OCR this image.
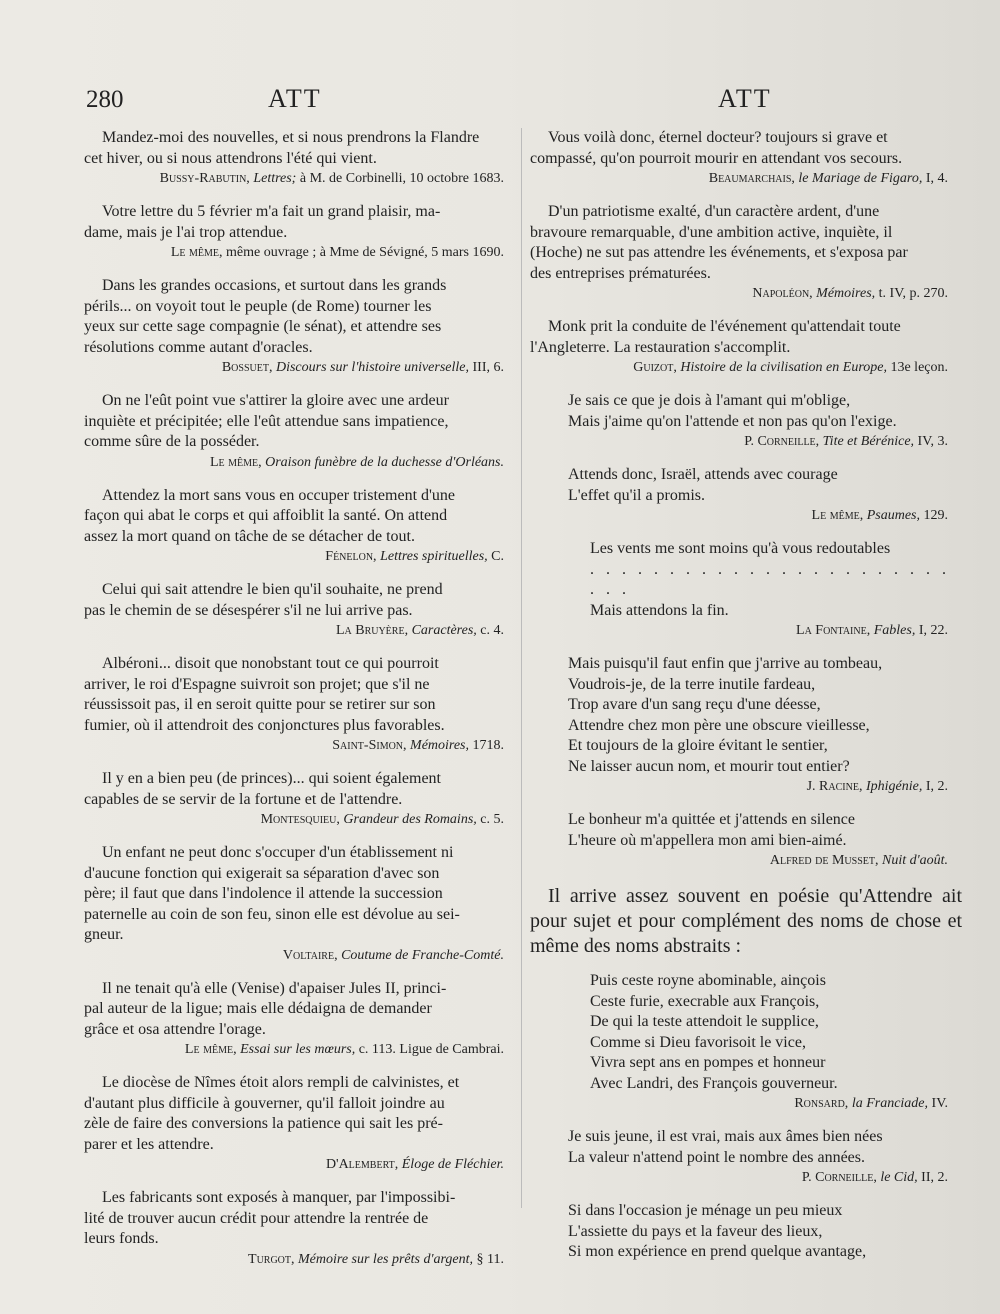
280	ATT	ATT
Mandez-moi des nouvelles, et si nous prendrons la Flandre
cet hiver, ou si nous attendrons l'été qui vient.
Bussy-Rabutin, Lettres; à M. de Corbinelli, 10 octobre 1683.
Votre lettre du 5 février m'a fait un grand plaisir, ma-
dame, mais je l'ai trop attendue.
Le même, même ouvrage ; à Mme de Sévigné, 5 mars 1690.
Dans les grandes occasions, et surtout dans les grands
périls... on voyoit tout le peuple (de Rome) tourner les
yeux sur cette sage compagnie (le sénat), et attendre ses
résolutions comme autant d'oracles.
Bossuet, Discours sur l'histoire universelle, III, 6.
On ne l'eût point vue s'attirer la gloire avec une ardeur
inquiète et précipitée; elle l'eût attendue sans impatience,
comme sûre de la posséder.
Le même, Oraison funèbre de la duchesse d'Orléans.
Attendez la mort sans vous en occuper tristement d'une
façon qui abat le corps et qui affoiblit la santé. On attend
assez la mort quand on tâche de se détacher de tout.
Fénelon, Lettres spirituelles, C.
Celui qui sait attendre le bien qu'il souhaite, ne prend
pas le chemin de se désespérer s'il ne lui arrive pas.
La Bruyère, Caractères, c. 4.
Albéroni... disoit que nonobstant tout ce qui pourroit
arriver, le roi d'Espagne suivroit son projet; que s'il ne
réussissoit pas, il en seroit quitte pour se retirer sur son
fumier, où il attendroit des conjonctures plus favorables.
Saint-Simon, Mémoires, 1718.
Il y en a bien peu (de princes)... qui soient également
capables de se servir de la fortune et de l'attendre.
Montesquieu, Grandeur des Romains, c. 5.
Un enfant ne peut donc s'occuper d'un établissement ni
d'aucune fonction qui exigerait sa séparation d'avec son
père; il faut que dans l'indolence il attende la succession
paternelle au coin de son feu, sinon elle est dévolue au sei-
gneur.
Voltaire, Coutume de Franche-Comté.
Il ne tenait qu'à elle (Venise) d'apaiser Jules II, princi-
pal auteur de la ligue; mais elle dédaigna de demander
grâce et osa attendre l'orage.
Le même, Essai sur les mœurs, c. 113. Ligue de Cambrai.
Le diocèse de Nîmes étoit alors rempli de calvinistes, et
d'autant plus difficile à gouverner, qu'il falloit joindre au
zèle de faire des conversions la patience qui sait les pré-
parer et les attendre.
D'Alembert, Éloge de Fléchier.
Les fabricants sont exposés à manquer, par l'impossibi-
lité de trouver aucun crédit pour attendre la rentrée de
leurs fonds.
Turgot, Mémoire sur les prêts d'argent, § 11.
Vous voilà donc, éternel docteur? toujours si grave et
compassé, qu'on pourroit mourir en attendant vos secours.
Beaumarchais, le Mariage de Figaro, I, 4.
D'un patriotisme exalté, d'un caractère ardent, d'une
bravoure remarquable, d'une ambition active, inquiète, il
(Hoche) ne sut pas attendre les événements, et s'exposa par
des entreprises prématurées.
Napoléon, Mémoires, t. IV, p. 270.
Monk prit la conduite de l'événement qu'attendait toute
l'Angleterre. La restauration s'accomplit.
Guizot, Histoire de la civilisation en Europe, 13e leçon.
Je sais ce que je dois à l'amant qui m'oblige,
Mais j'aime qu'on l'attende et non pas qu'on l'exige.
P. Corneille, Tite et Bérénice, IV, 3.
Attends donc, Israël, attends avec courage
L'effet qu'il a promis.
Le même, Psaumes, 129.
Les vents me sont moins qu'à vous redoutables
. . . . . . . . . . . . . . . . . . . . . . . . . .
Mais attendons la fin.
La Fontaine, Fables, I, 22.
Mais puisqu'il faut enfin que j'arrive au tombeau,
Voudrois-je, de la terre inutile fardeau,
Trop avare d'un sang reçu d'une déesse,
Attendre chez mon père une obscure vieillesse,
Et toujours de la gloire évitant le sentier,
Ne laisser aucun nom, et mourir tout entier?
J. Racine, Iphigénie, I, 2.
Le bonheur m'a quittée et j'attends en silence
L'heure où m'appellera mon ami bien-aimé.
Alfred de Musset, Nuit d'août.
Il arrive assez souvent en poésie qu'Attendre ait pour sujet et pour complément des noms de chose et même des noms abstraits :
Puis ceste royne abominable, ainçois
Ceste furie, execrable aux François,
De qui la teste attendoit le supplice,
Comme si Dieu favorisoit le vice,
Vivra sept ans en pompes et honneur
Avec Landri, des François gouverneur.
Ronsard, la Franciade, IV.
Je suis jeune, il est vrai, mais aux âmes bien nées
La valeur n'attend point le nombre des années.
P. Corneille, le Cid, II, 2.
Si dans l'occasion je ménage un peu mieux
L'assiette du pays et la faveur des lieux,
Si mon expérience en prend quelque avantage,
